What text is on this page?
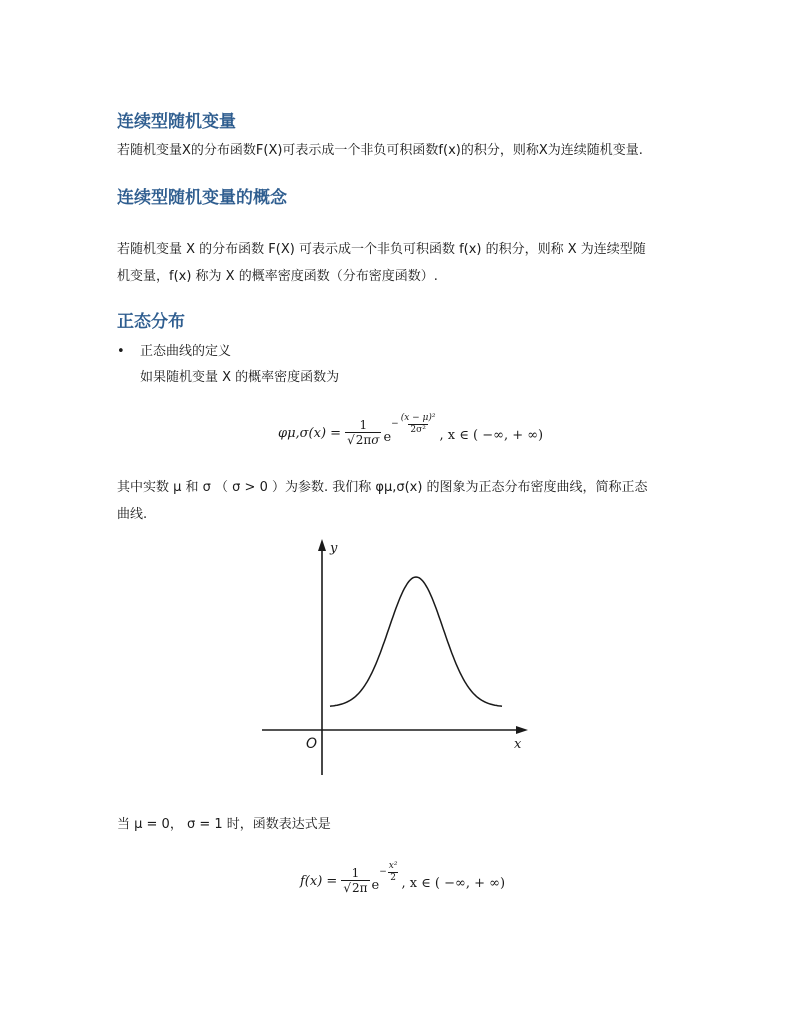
连续型随机变量
若随机变量X的分布函数F(X)可表示成一个非负可积函数f(x)的积分，则称X为连续随机变量.
连续型随机变量的概念
若随机变量 X 的分布函数 F(X) 可表示成一个非负可积函数 f(x) 的积分，则称 X 为连续型随
机变量，f(x) 称为 X 的概率密度函数（分布密度函数）.
正态分布
• 正态曲线的定义
如果随机变量 X 的概率密度函数为
$\varphi\mu,\sigma(x) = \frac{1}{√2\pi\sigma}$ e
− $\frac{\text{(x − μ)²}}{\text{2σ²}}$ , x ∈ ( −∞, + ∞)
其中实数 μ 和 σ （ σ > 0 ）为参数. 我们称 φμ,σ(x) 的图象为正态分布密度曲线，简称正态
曲线.
y
x
O
当 μ = 0， σ = 1 时，函数表达式是
$f(x) = \frac{1}{√2\pi}$ e
− $\frac{\text{x²}}{2}$ , x ∈ ( −∞, + ∞)
